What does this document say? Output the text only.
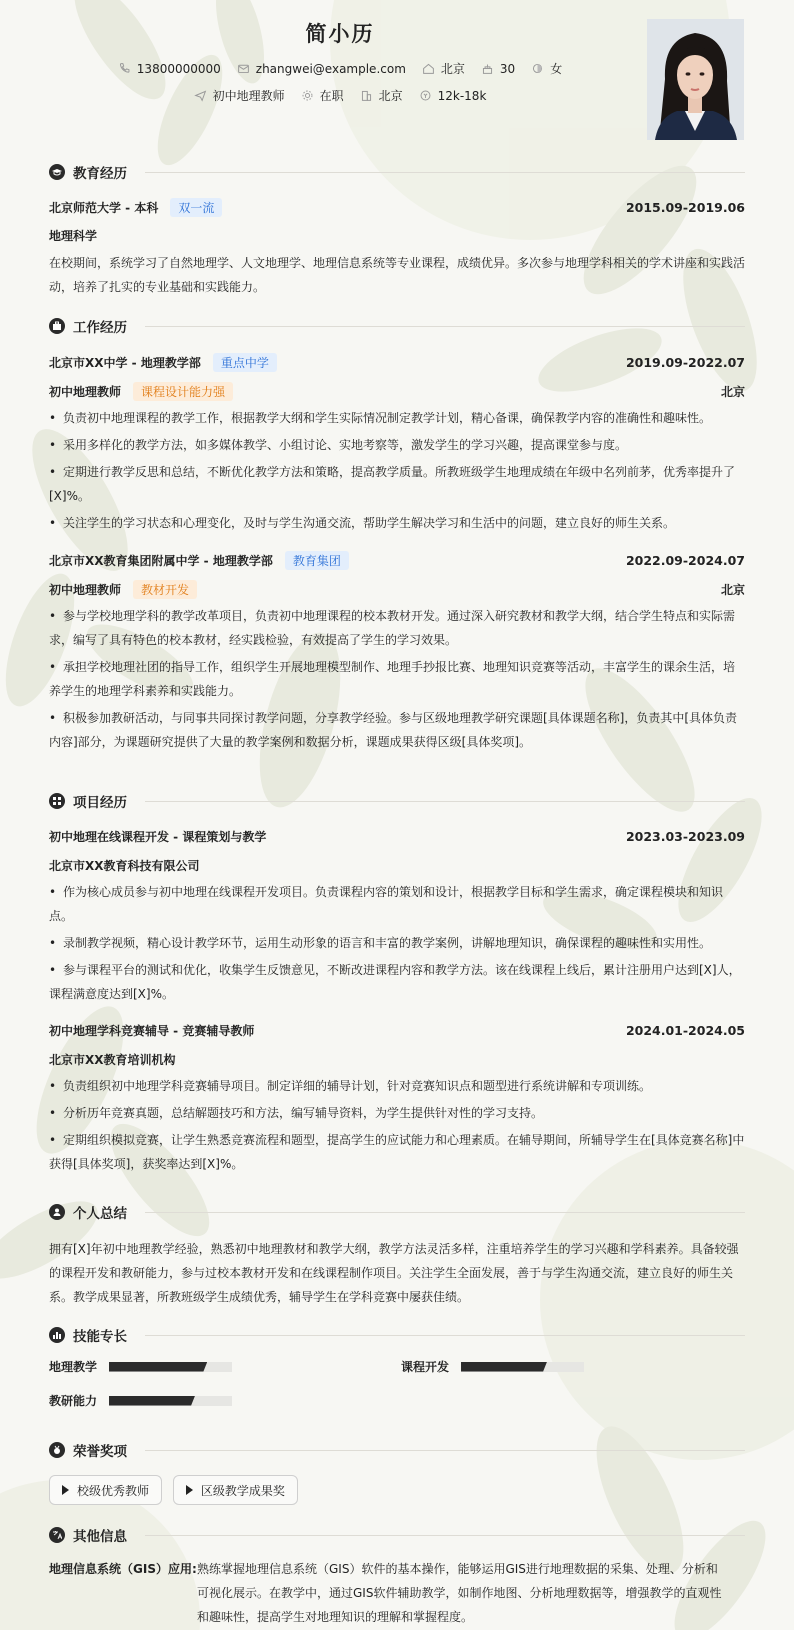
简小历
13800000000	zhangwei@example.com	北京	30	女
初中地理教师	在职	北京	12k-18k
教育经历
北京师范大学 - 本科	双一流	2015.09-2019.06
地理科学
在校期间，系统学习了自然地理学、人文地理学、地理信息系统等专业课程，成绩优异。多次参与地理学科相关的学术讲座和实践活动，培养了扎实的专业基础和实践能力。
工作经历
北京市XX中学 - 地理教学部	重点中学	2019.09-2022.07
初中地理教师	课程设计能力强	北京
• 负责初中地理课程的教学工作，根据教学大纲和学生实际情况制定教学计划，精心备课，确保教学内容的准确性和趣味性。
• 采用多样化的教学方法，如多媒体教学、小组讨论、实地考察等，激发学生的学习兴趣，提高课堂参与度。
• 定期进行教学反思和总结，不断优化教学方法和策略，提高教学质量。所教班级学生地理成绩在年级中名列前茅，优秀率提升了[X]%。
• 关注学生的学习状态和心理变化，及时与学生沟通交流，帮助学生解决学习和生活中的问题，建立良好的师生关系。
北京市XX教育集团附属中学 - 地理教学部	教育集团	2022.09-2024.07
初中地理教师	教材开发	北京
• 参与学校地理学科的教学改革项目，负责初中地理课程的校本教材开发。通过深入研究教材和教学大纲，结合学生特点和实际需求，编写了具有特色的校本教材，经实践检验，有效提高了学生的学习效果。
• 承担学校地理社团的指导工作，组织学生开展地理模型制作、地理手抄报比赛、地理知识竞赛等活动，丰富学生的课余生活，培养学生的地理学科素养和实践能力。
• 积极参加教研活动，与同事共同探讨教学问题，分享教学经验。参与区级地理教学研究课题[具体课题名称]，负责其中[具体负责内容]部分，为课题研究提供了大量的教学案例和数据分析，课题成果获得区级[具体奖项]。
项目经历
初中地理在线课程开发 - 课程策划与教学	2023.03-2023.09
北京市XX教育科技有限公司
• 作为核心成员参与初中地理在线课程开发项目。负责课程内容的策划和设计，根据教学目标和学生需求，确定课程模块和知识点。
• 录制教学视频，精心设计教学环节，运用生动形象的语言和丰富的教学案例，讲解地理知识，确保课程的趣味性和实用性。
• 参与课程平台的测试和优化，收集学生反馈意见，不断改进课程内容和教学方法。该在线课程上线后，累计注册用户达到[X]人，课程满意度达到[X]%。
初中地理学科竞赛辅导 - 竞赛辅导教师	2024.01-2024.05
北京市XX教育培训机构
• 负责组织初中地理学科竞赛辅导项目。制定详细的辅导计划，针对竞赛知识点和题型进行系统讲解和专项训练。
• 分析历年竞赛真题，总结解题技巧和方法，编写辅导资料，为学生提供针对性的学习支持。
• 定期组织模拟竞赛，让学生熟悉竞赛流程和题型，提高学生的应试能力和心理素质。在辅导期间，所辅导学生在[具体竞赛名称]中获得[具体奖项]，获奖率达到[X]%。
个人总结
拥有[X]年初中地理教学经验，熟悉初中地理教材和教学大纲，教学方法灵活多样，注重培养学生的学习兴趣和学科素养。具备较强的课程开发和教研能力，参与过校本教材开发和在线课程制作项目。关注学生全面发展，善于与学生沟通交流，建立良好的师生关系。教学成果显著，所教班级学生成绩优秀，辅导学生在学科竞赛中屡获佳绩。
技能专长
地理教学	课程开发
教研能力
荣誉奖项
校级优秀教师
	区级教学成果奖
其他信息
地理信息系统（GIS）应用: 熟练掌握地理信息系统（GIS）软件的基本操作，能够运用GIS进行地理数据的采集、处理、分析和可视化展示。在教学中，通过GIS软件辅助教学，如制作地图、分析地理数据等，增强教学的直观性和趣味性，提高学生对地理知识的理解和掌握程度。
